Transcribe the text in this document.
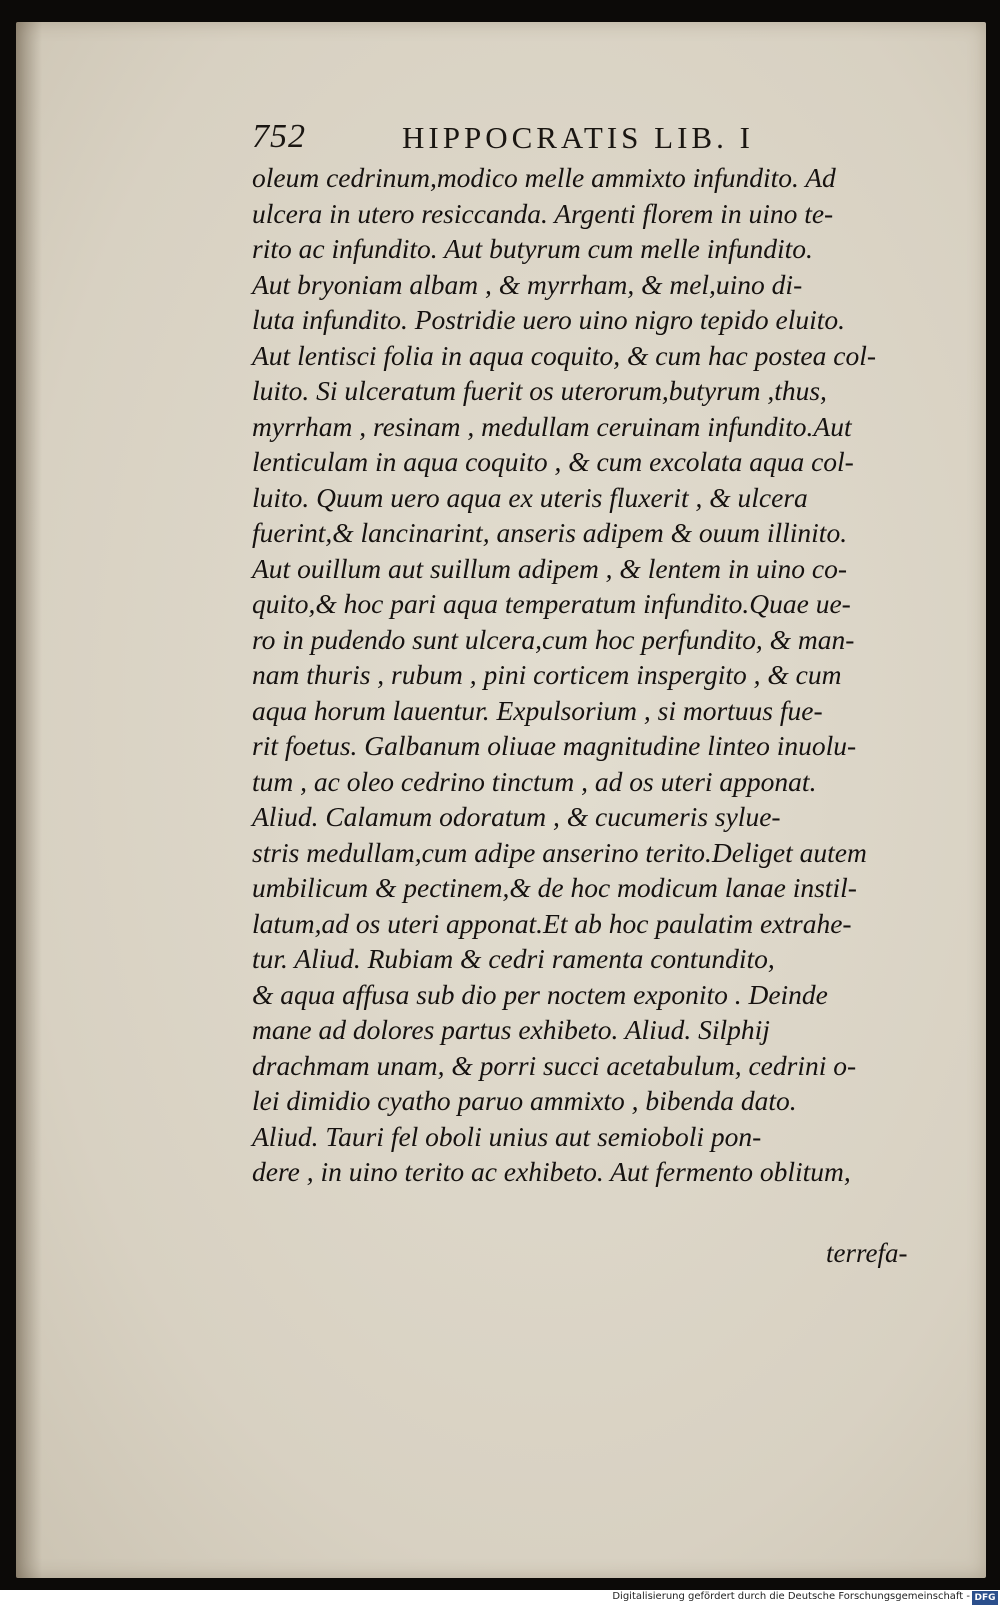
752	HIPPOCRATIS LIB. I
oleum cedrinum,modico melle ammixto infundito. Ad
ulcera in utero resiccanda. Argenti florem in uino te-
rito ac infundito. Aut butyrum cum melle infundito.
Aut bryoniam albam , & myrrham, & mel,uino di-
luta infundito. Postridie uero uino nigro tepido eluito.
Aut lentisci folia in aqua coquito, & cum hac postea col-
luito. Si ulceratum fuerit os uterorum,butyrum ,thus,
myrrham , resinam , medullam ceruinam infundito.Aut
lenticulam in aqua coquito , & cum excolata aqua col-
luito. Quum uero aqua ex uteris fluxerit , & ulcera
fuerint,& lancinarint, anseris adipem & ouum illinito.
Aut ouillum aut suillum adipem , & lentem in uino co-
quito,& hoc pari aqua temperatum infundito.Quae ue-
ro in pudendo sunt ulcera,cum hoc perfundito, & man-
nam thuris , rubum , pini corticem inspergito , & cum
aqua horum lauentur. Expulsorium , si mortuus fue-
rit foetus. Galbanum oliuae magnitudine linteo inuolu-
tum , ac oleo cedrino tinctum , ad os uteri apponat.
Aliud. Calamum odoratum , & cucumeris sylue-
stris medullam,cum adipe anserino terito.Deliget autem
umbilicum & pectinem,& de hoc modicum lanae instil-
latum,ad os uteri apponat.Et ab hoc paulatim extrahe-
tur. Aliud. Rubiam & cedri ramenta contundito,
& aqua affusa sub dio per noctem exponito . Deinde
mane ad dolores partus exhibeto. Aliud. Silphij
drachmam unam, & porri succi acetabulum, cedrini o-
lei dimidio cyatho paruo ammixto , bibenda dato.
Aliud. Tauri fel oboli unius aut semioboli pon-
dere , in uino terito ac exhibeto. Aut fermento oblitum,
terrefa-
Digitalisierung gefördert durch die Deutsche Forschungsgemeinschaft - DFG
